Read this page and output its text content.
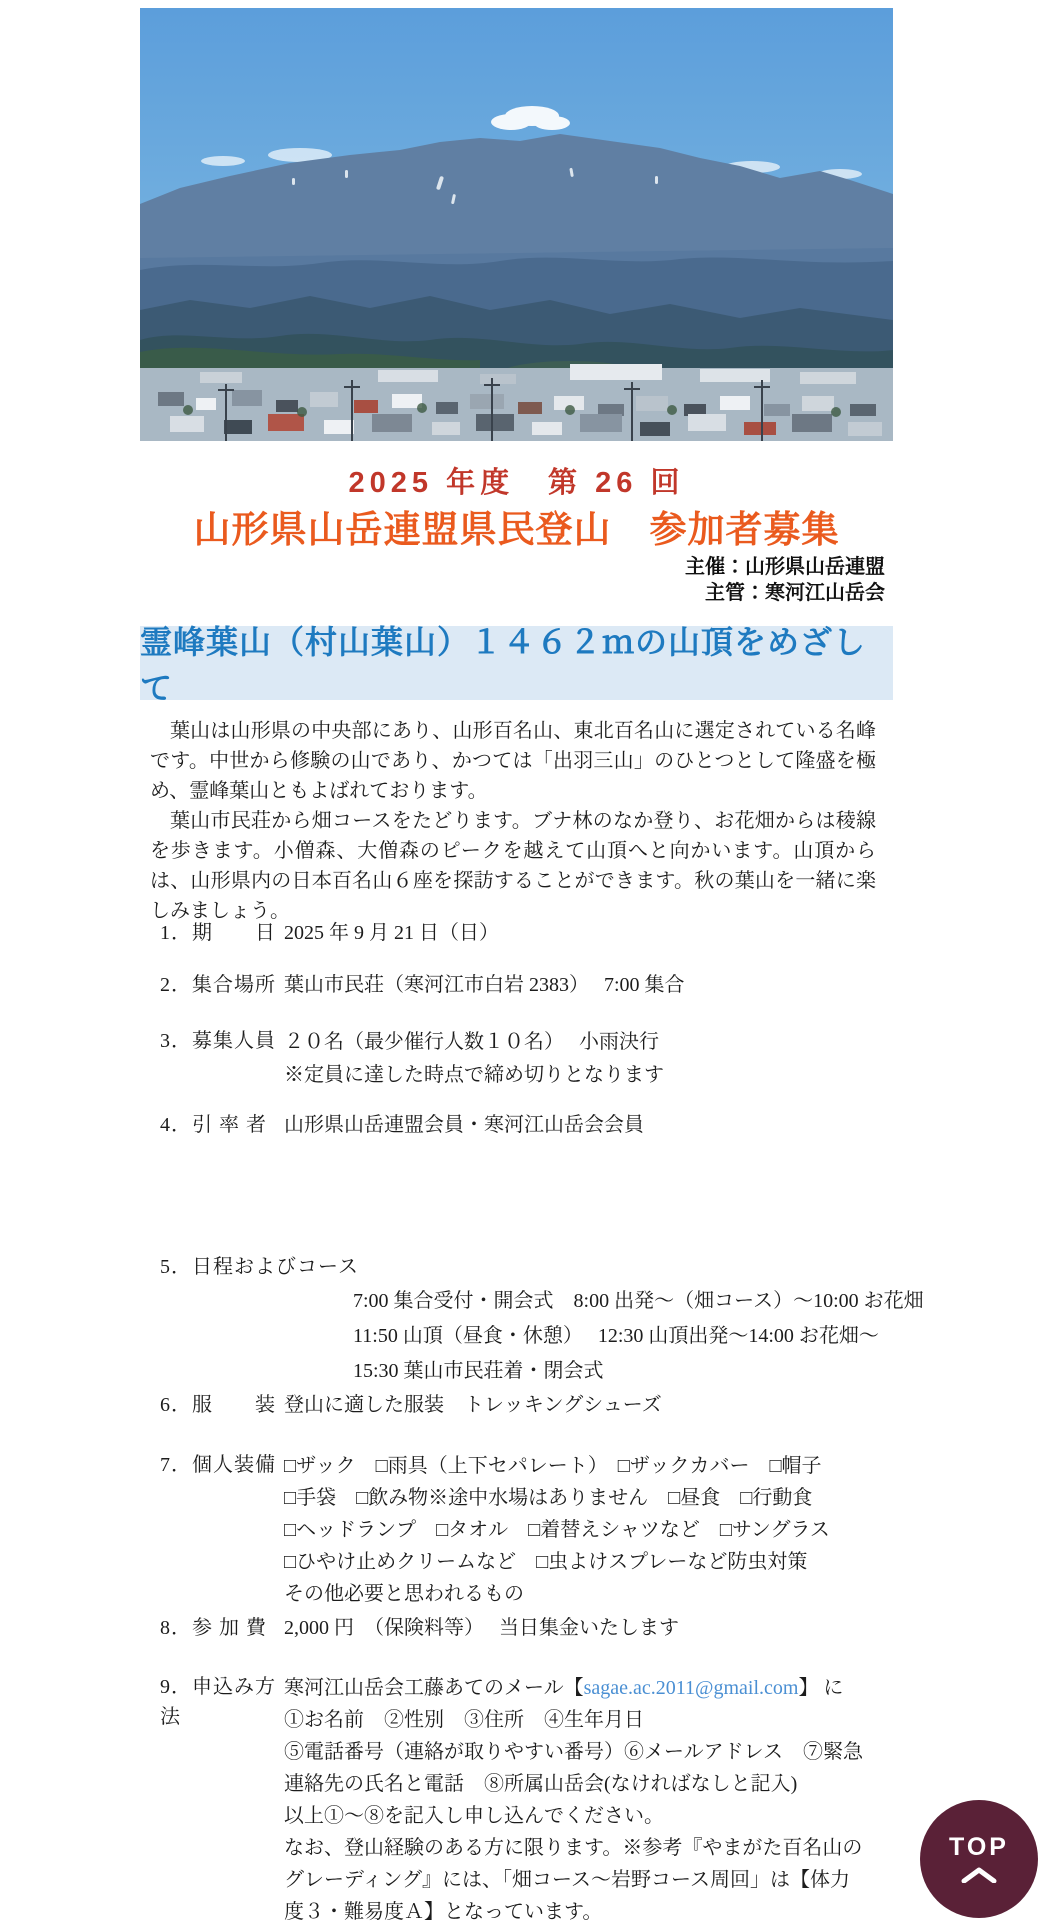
2025 年度　第 26 回
山形県山岳連盟県民登山　参加者募集
主催：山形県山岳連盟
主管：寒河江山岳会
霊峰葉山（村山葉山）１４６２ｍの山頂をめざして

葉山は山形県の中央部にあり、山形百名山、東北百名山に選定されている名峰です。中世から修験の山であり、かつては「出羽三山」のひとつとして隆盛を極め、霊峰葉山ともよばれております。

葉山市民荘から畑コースをたどります。ブナ林のなか登り、お花畑からは稜線を歩きます。小僧森、大僧森のピークを越えて山頂へと向かいます。山頂からは、山形県内の日本百名山６座を探訪することができます。秋の葉山を一緒に楽しみましょう。

1．期　　日 2025 年 9 月 21 日（日）
2．集合場所 葉山市民荘（寒河江市白岩 2383）　 7:00 集合
3．募集人員 ２０名（最少催行人数１０名）　 小雨決行
※定員に達した時点で締め切りとなります
4．引 率 者 山形県山岳連盟会員・寒河江山岳会会員
5．日程およびコース
7:00 集合受付・開会式　8:00 出発～（畑コース）～10:00 お花畑
11:50 山頂（昼食・休憩）　 12:30 山頂出発～14:00 お花畑～
15:30 葉山市民荘着・閉会式
6．服　　装 登山に適した服装　トレッキングシューズ
7．個人装備 □ザック　□雨具（上下セパレート）　□ザックカバー　□帽子
□手袋　□飲み物※途中水場はありません　□昼食　□行動食
□ヘッドランプ　□タオル　□着替えシャツなど　□サングラス
□ひやけ止めクリームなど　□虫よけスプレーなど防虫対策
その他必要と思われるもの
8．参 加 費 2,000 円　（保険料等）　 当日集金いたします
9．申込み方法
寒河江山岳会工藤あてのメール【sagae.ac.2011@gmail.com】 に
①お名前　②性別　③住所　④生年月日
⑤電話番号（連絡が取りやすい番号）⑥メールアドレス　⑦緊急
連絡先の氏名と電話　⑧所属山岳会(なければなしと記入)
以上①～⑧を記入し申し込んでください。
なお、登山経験のある方に限ります。※参考『やまがた百名山の
グレーディング』には、「畑コース～岩野コース周回」は【体力
度３・難易度Ａ】となっています。
TOP
